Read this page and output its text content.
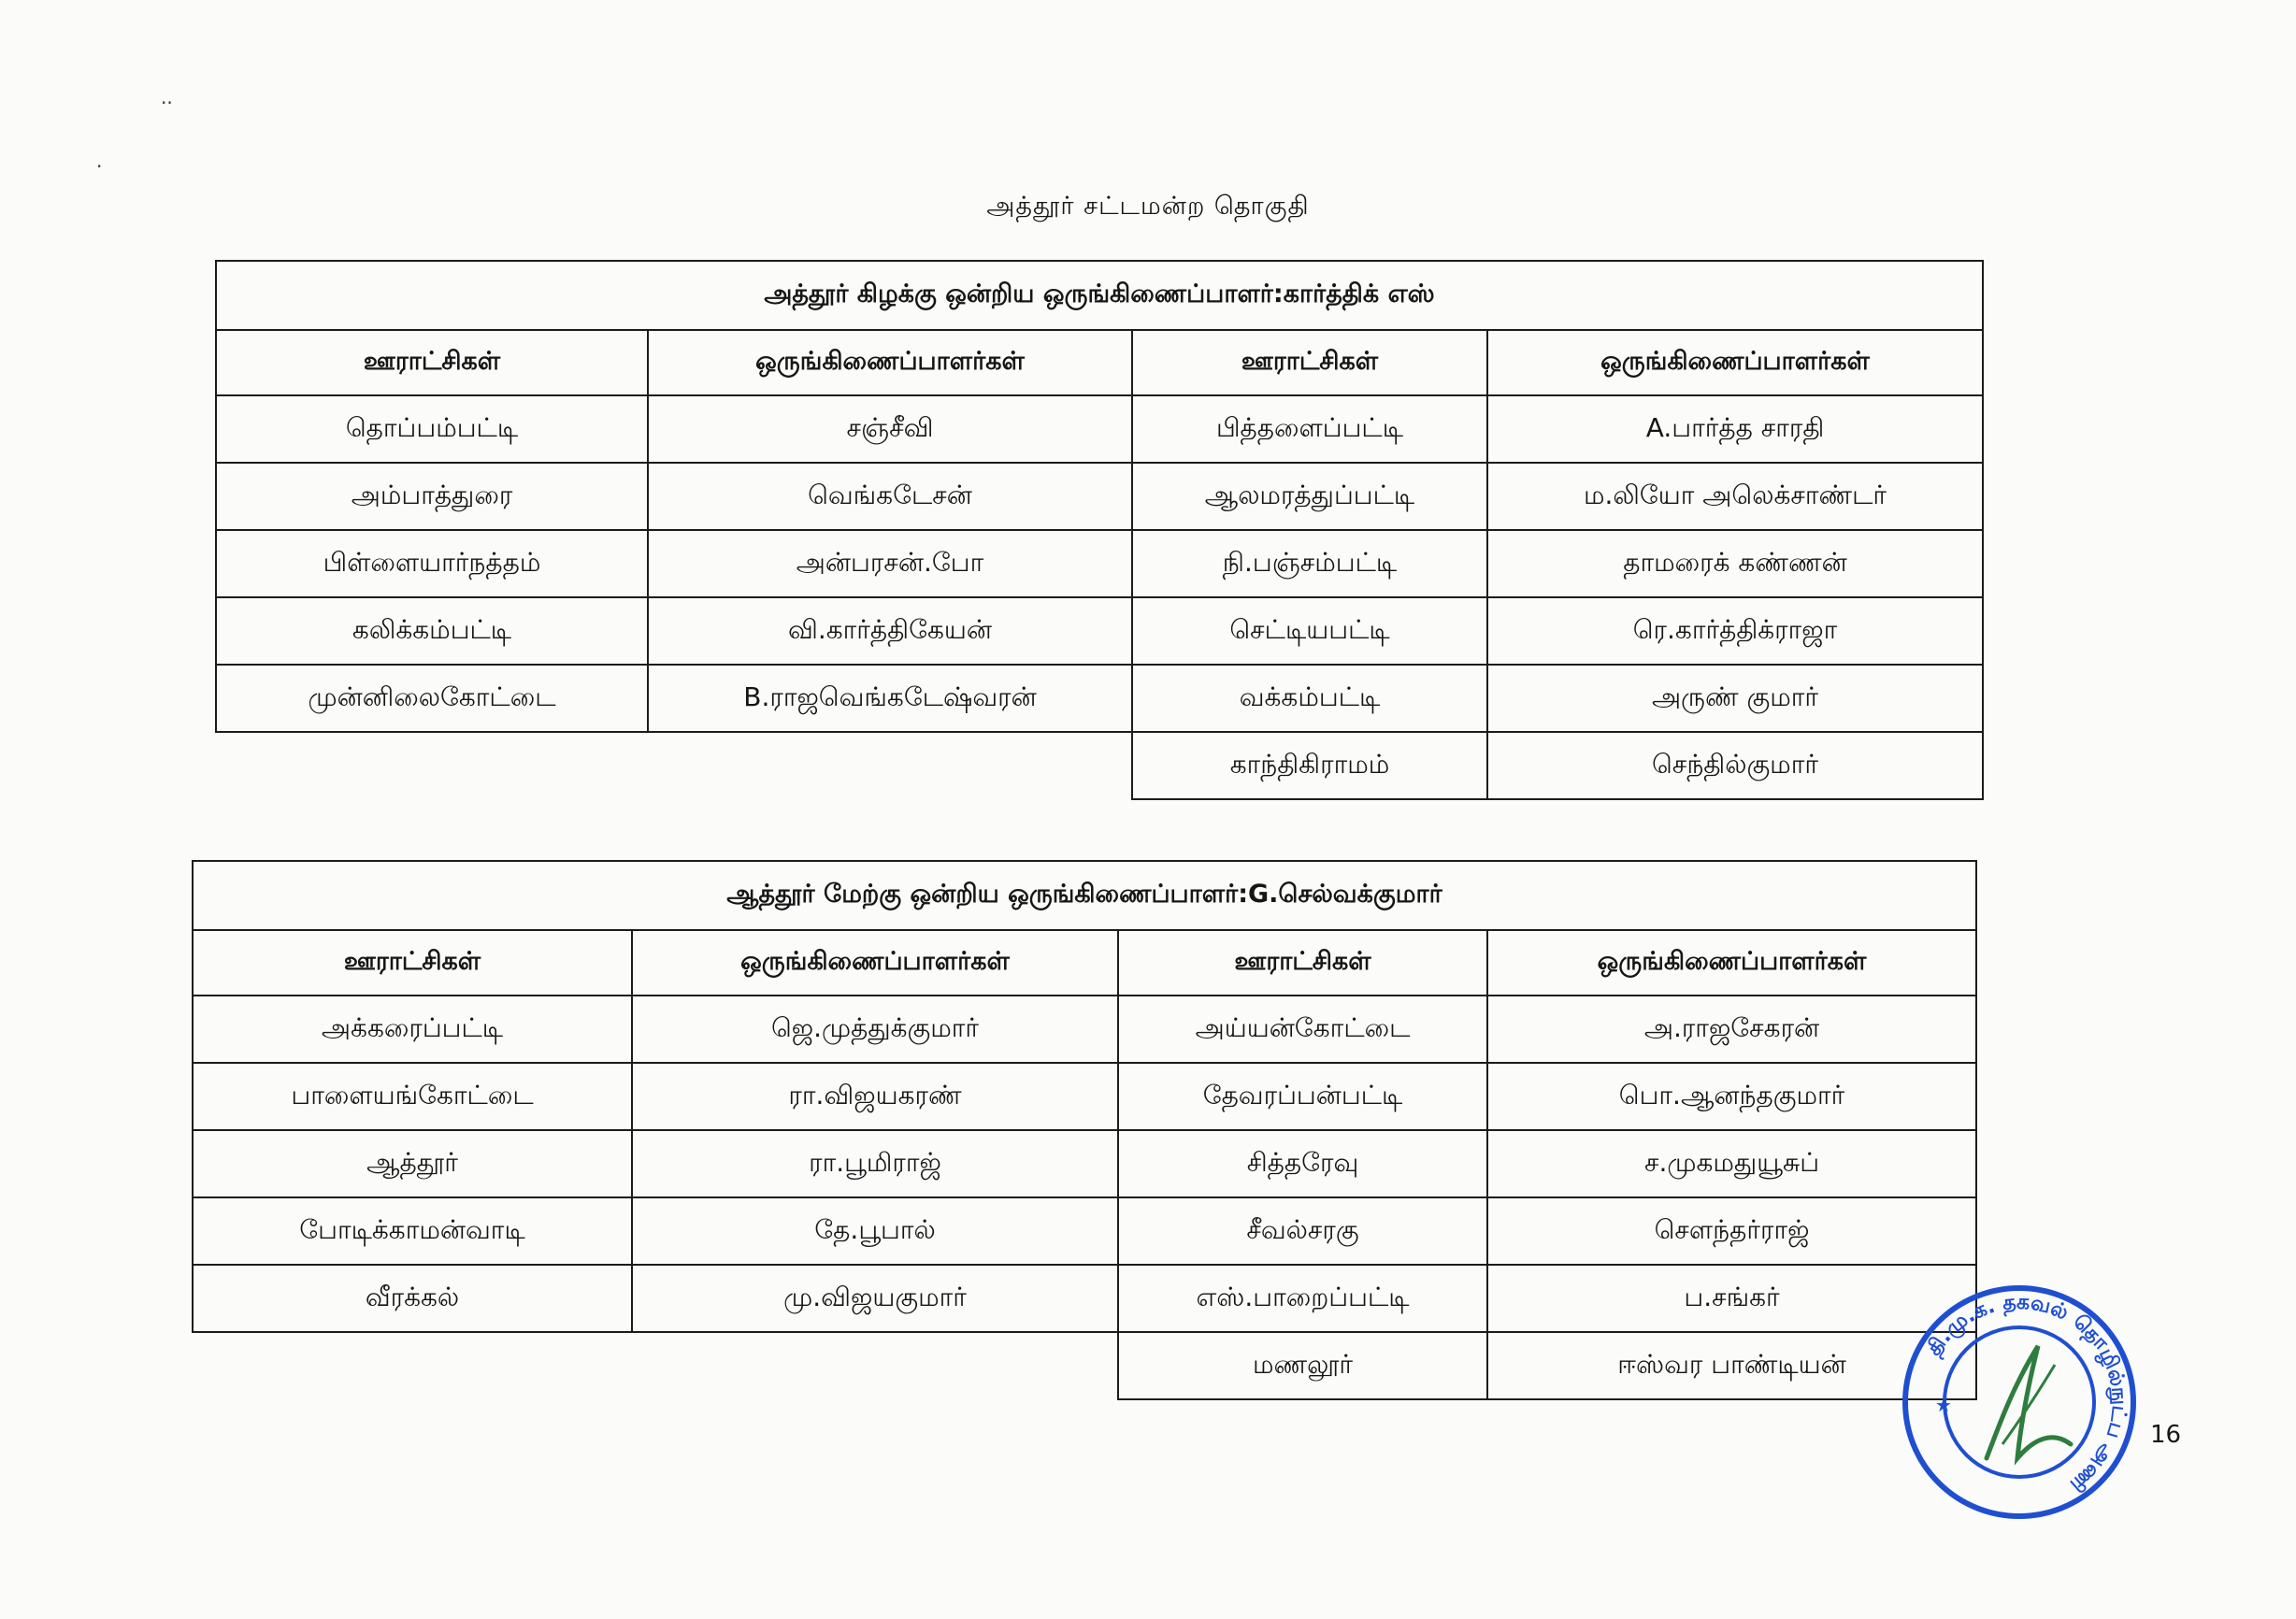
..
.
அத்தூர் சட்டமன்ற தொகுதி
அத்தூர் கிழக்கு ஒன்றிய ஒருங்கிணைப்பாளர்:கார்த்திக் எஸ்			
ஊராட்சிகள்	ஒருங்கிணைப்பாளர்கள்	ஊராட்சிகள்	ஒருங்கிணைப்பாளர்கள்
தொப்பம்பட்டி	சஞ்சீவி	பித்தளைப்பட்டி	A.பார்த்த சாரதி
அம்பாத்துரை	வெங்கடேசன்	ஆலமரத்துப்பட்டி	ம.லியோ அலெக்சாண்டர்
பிள்ளையார்நத்தம்	அன்பரசன்.போ	நி.பஞ்சம்பட்டி	தாமரைக் கண்ணன்
கலிக்கம்பட்டி	வி.கார்த்திகேயன்	செட்டியபட்டி	ரெ.கார்த்திக்ராஜா
முன்னிலைகோட்டை	B.ராஜவெங்கடேஷ்வரன்	வக்கம்பட்டி	அருண் குமார்
		காந்திகிராமம்	செந்தில்குமார்
ஆத்தூர் மேற்கு ஒன்றிய ஒருங்கிணைப்பாளர்:G.செல்வக்குமார்			
ஊராட்சிகள்	ஒருங்கிணைப்பாளர்கள்	ஊராட்சிகள்	ஒருங்கிணைப்பாளர்கள்
அக்கரைப்பட்டி	ஜெ.முத்துக்குமார்	அய்யன்கோட்டை	அ.ராஜசேகரன்
பாளையங்கோட்டை	ரா.விஜயகரண்	தேவரப்பன்பட்டி	பொ.ஆனந்தகுமார்
ஆத்தூர்	ரா.பூமிராஜ்	சித்தரேவு	ச.முகமதுயூசுப்
போடிக்காமன்வாடி	தே.பூபால்	சீவல்சரகு	சௌந்தர்ராஜ்
வீரக்கல்	மு.விஜயகுமார்	எஸ்.பாறைப்பட்டி	ப.சங்கர்
		மணலூர்	ஈஸ்வர பாண்டியன்
தி.மு.க. தகவல் தொழில்நுட்ப அணி
★
16
